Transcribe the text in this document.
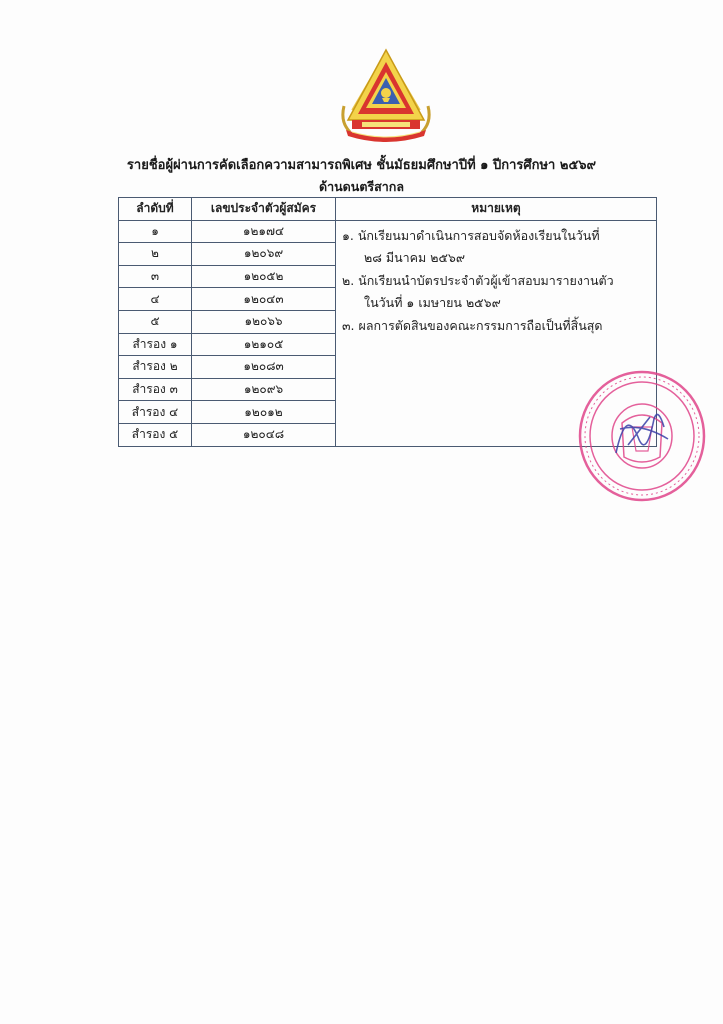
รายชื่อผู้ผ่านการคัดเลือกความสามารถพิเศษ ชั้นมัธยมศึกษาปีที่ ๑ ปีการศึกษา ๒๕๖๙
ด้านดนตรีสากล
ลำดับที่	เลขประจำตัวผู้สมัคร	หมายเหตุ
๑	๑๒๑๗๔	๑. นักเรียนมาดำเนินการสอบจัดห้องเรียนในวันที่
๒๘ มีนาคม ๒๕๖๙
๒. นักเรียนนำบัตรประจำตัวผู้เข้าสอบมารายงานตัว
ในวันที่ ๑ เมษายน ๒๕๖๙
๓. ผลการตัดสินของคณะกรรมการถือเป็นที่สิ้นสุด

๒	๑๒๐๖๙	
๓	๑๒๐๕๒	
๔	๑๒๐๔๓	
๕	๑๒๐๖๖	
สำรอง ๑	๑๒๑๐๕	
สำรอง ๒	๑๒๐๘๓	
สำรอง ๓	๑๒๐๙๖	
สำรอง ๔	๑๒๐๑๒	
สำรอง ๕	๑๒๐๔๘	
